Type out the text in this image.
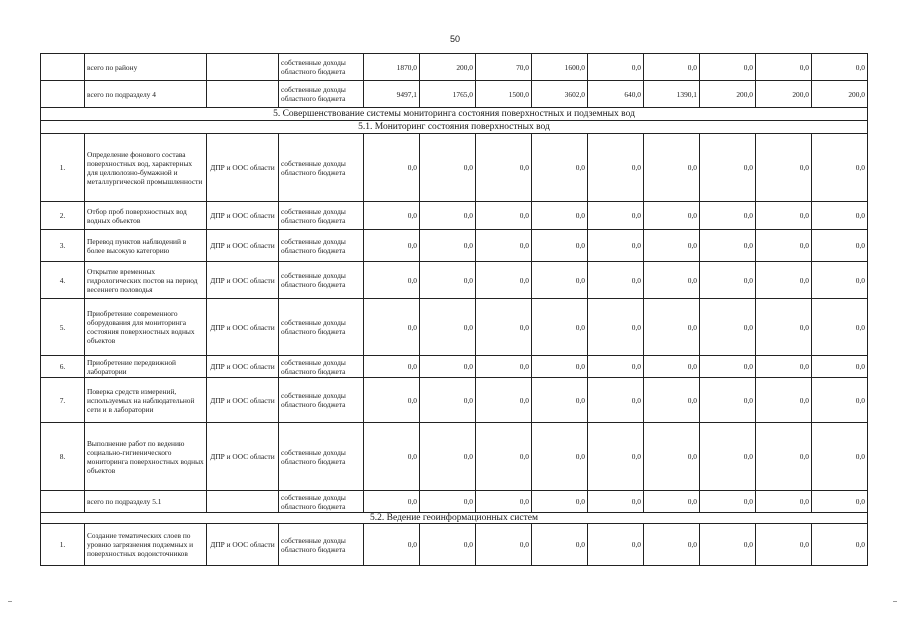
50
	всего по району		собственные доходы областного бюджета	1870,0	200,0	70,0	1600,0	0,0	0,0	0,0	0,0	0,0
	всего по подразделу 4		собственные доходы областного бюджета	9497,1	1765,0	1500,0	3602,0	640,0	1390,1	200,0	200,0	200,0
5. Совершенствование системы мониторинга состояния поверхностных и подземных вод												
5.1. Мониторинг состояния поверхностных вод												
1.	Определение фонового состава поверхностных вод, характерных для целлюлозно-бумажной и металлургической промышленности	ДПР и ООС области	собственные доходы областного бюджета	0,0	0,0	0,0	0,0	0,0	0,0	0,0	0,0	0,0
2.	Отбор проб поверхностных вод водных объектов	ДПР и ООС области	собственные доходы областного бюджета	0,0	0,0	0,0	0,0	0,0	0,0	0,0	0,0	0,0
3.	Перевод пунктов наблюдений в более высокую категорию	ДПР и ООС области	собственные доходы областного бюджета	0,0	0,0	0,0	0,0	0,0	0,0	0,0	0,0	0,0
4.	Открытие временных гидрологических постов на период весеннего половодья	ДПР и ООС области	собственные доходы областного бюджета	0,0	0,0	0,0	0,0	0,0	0,0	0,0	0,0	0,0
5.	Приобретение современного оборудования для мониторинга состояния поверхностных водных объектов	ДПР и ООС области	собственные доходы областного бюджета	0,0	0,0	0,0	0,0	0,0	0,0	0,0	0,0	0,0
6.	Приобретение передвижной лаборатории	ДПР и ООС области	собственные доходы областного бюджета	0,0	0,0	0,0	0,0	0,0	0,0	0,0	0,0	0,0
7.	Поверка средств измерений, используемых на наблюдательной сети и в лаборатории	ДПР и ООС области	собственные доходы областного бюджета	0,0	0,0	0,0	0,0	0,0	0,0	0,0	0,0	0,0
8.	Выполнение работ по ведению социально-гигиенического мониторинга поверхностных водных объектов	ДПР и ООС области	собственные доходы областного бюджета	0,0	0,0	0,0	0,0	0,0	0,0	0,0	0,0	0,0
	всего по подразделу 5.1		собственные доходы областного бюджета	0,0	0,0	0,0	0,0	0,0	0,0	0,0	0,0	0,0
5.2. Ведение геоинформационных систем												
1.	Создание тематических слоев по уровню загрязнения подземных и поверхностных водоисточников	ДПР и ООС области	собственные доходы областного бюджета	0,0	0,0	0,0	0,0	0,0	0,0	0,0	0,0	0,0
